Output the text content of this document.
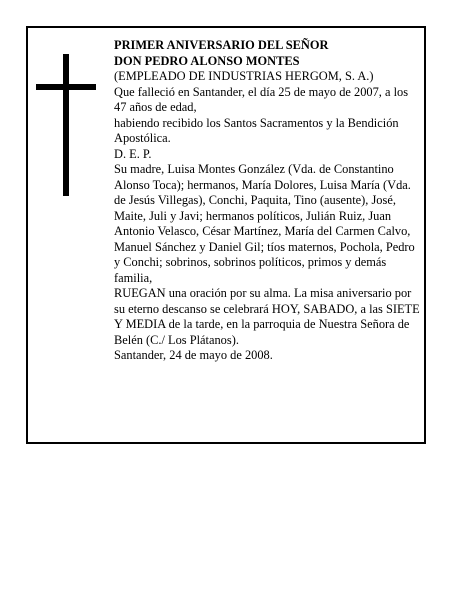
PRIMER ANIVERSARIO DEL SEÑOR

DON PEDRO ALONSO MONTES

(EMPLEADO DE INDUSTRIAS HERGOM, S. A.)

Que falleció en Santander, el día 25 de mayo de 2007, a los 47 años de edad,

habiendo recibido los Santos Sacramentos y la Bendición Apostólica.

D. E. P.

Su madre, Luisa Montes González (Vda. de Constantino Alonso Toca); hermanos, María Dolores, Luisa María (Vda. de Jesús Villegas), Conchi, Paquita, Tino (ausente), José, Maite, Juli y Javi; hermanos políticos, Julián Ruiz, Juan Antonio Velasco, César Martínez, María del Carmen Calvo, Manuel Sánchez y Daniel Gil; tíos maternos, Pochola, Pedro y Conchi; sobrinos, sobrinos políticos, primos y demás familia,

RUEGAN una oración por su alma. La misa aniversario por su eterno descanso se celebrará HOY, SABADO, a las SIETE Y MEDIA de la tarde, en la parroquia de Nuestra Señora de Belén (C./ Los Plátanos).

Santander, 24 de mayo de 2008.
